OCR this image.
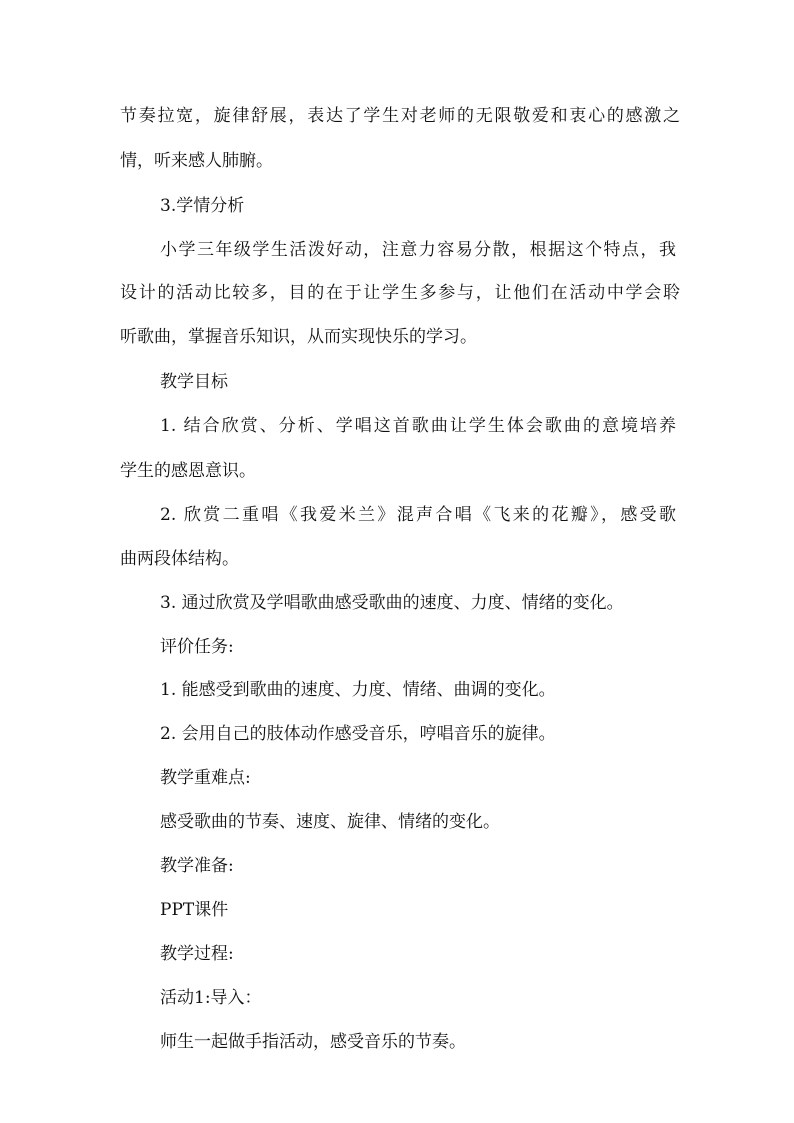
节奏拉宽，旋律舒展，表达了学生对老师的无限敬爱和衷心的感激之
情，听来感人肺腑。
3.学情分析
小学三年级学生活泼好动，注意力容易分散，根据这个特点，我
设计的活动比较多，目的在于让学生多参与，让他们在活动中学会聆
听歌曲，掌握音乐知识，从而实现快乐的学习。
教学目标
1. 结合欣赏、分析、学唱这首歌曲让学生体会歌曲的意境培养
学生的感恩意识。
2. 欣赏二重唱《我爱米兰》混声合唱《飞来的花瓣》，感受歌
曲两段体结构。
3. 通过欣赏及学唱歌曲感受歌曲的速度、力度、情绪的变化。
评价任务:
1. 能感受到歌曲的速度、力度、情绪、曲调的变化。
2. 会用自己的肢体动作感受音乐，哼唱音乐的旋律。
教学重难点:
感受歌曲的节奏、速度、旋律、情绪的变化。
教学准备:
PPT课件
教学过程:
活动1:导入：
师生一起做手指活动，感受音乐的节奏。
